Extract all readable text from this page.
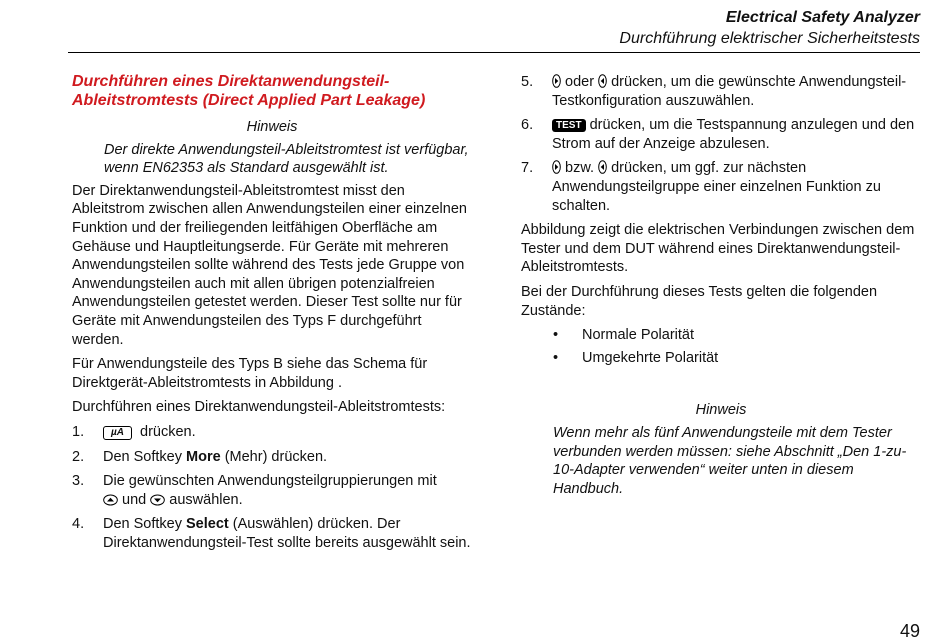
Electrical Safety Analyzer
Durchführung elektrischer Sicherheitstests
Durchführen eines Direktanwendungsteil-Ableitstromtests (Direct Applied Part Leakage)
Hinweis
Der direkte Anwendungsteil-Ableitstromtest ist verfügbar, wenn EN62353 als Standard ausgewählt ist.

Der Direktanwendungsteil-Ableitstromtest misst den Ableitstrom zwischen allen Anwendungsteilen einer einzelnen Funktion und der freiliegenden leitfähigen Oberfläche am Gehäuse und Hauptleitungserde. Für Geräte mit mehreren Anwendungsteilen sollte während des Tests jede Gruppe von Anwendungsteilen auch mit allen übrigen potenzialfreien Anwendungsteilen getestet werden. Dieser Test sollte nur für Geräte mit Anwendungsteilen des Typs F durchgeführt werden.

Für Anwendungsteile des Typs B siehe das Schema für Direktgerät-Ableitstromtests in Abbildung .

Durchführen eines Direktanwendungsteil-Ableitstromtests:

1.	µA drücken.
2. Den Softkey More (Mehr) drücken.
3. Die gewünschten Anwendungsteilgruppierungen mit
und  auswählen.
4. Den Softkey Select (Auswählen) drücken. Der Direktanwendungsteil-Test sollte bereits ausgewählt sein.
5. oder  drücken, um die gewünschte Anwendungsteil-Testkonfiguration auszuwählen.
6. TEST drücken, um die Testspannung anzulegen und den Strom auf der Anzeige abzulesen.
7. bzw.  drücken, um ggf. zur nächsten Anwendungsteilgruppe einer einzelnen Funktion zu schalten.

Abbildung zeigt die elektrischen Verbindungen zwischen dem Tester und dem DUT während eines Direktanwendungsteil-Ableitstromtests.

Bei der Durchführung dieses Tests gelten die folgenden Zustände:

• Normale Polarität
• Umgekehrte Polarität
Hinweis
Wenn mehr als fünf Anwendungsteile mit dem Tester verbunden werden müssen: siehe Abschnitt „Den 1-zu-10-Adapter verwenden“ weiter unten in diesem Handbuch.
49
